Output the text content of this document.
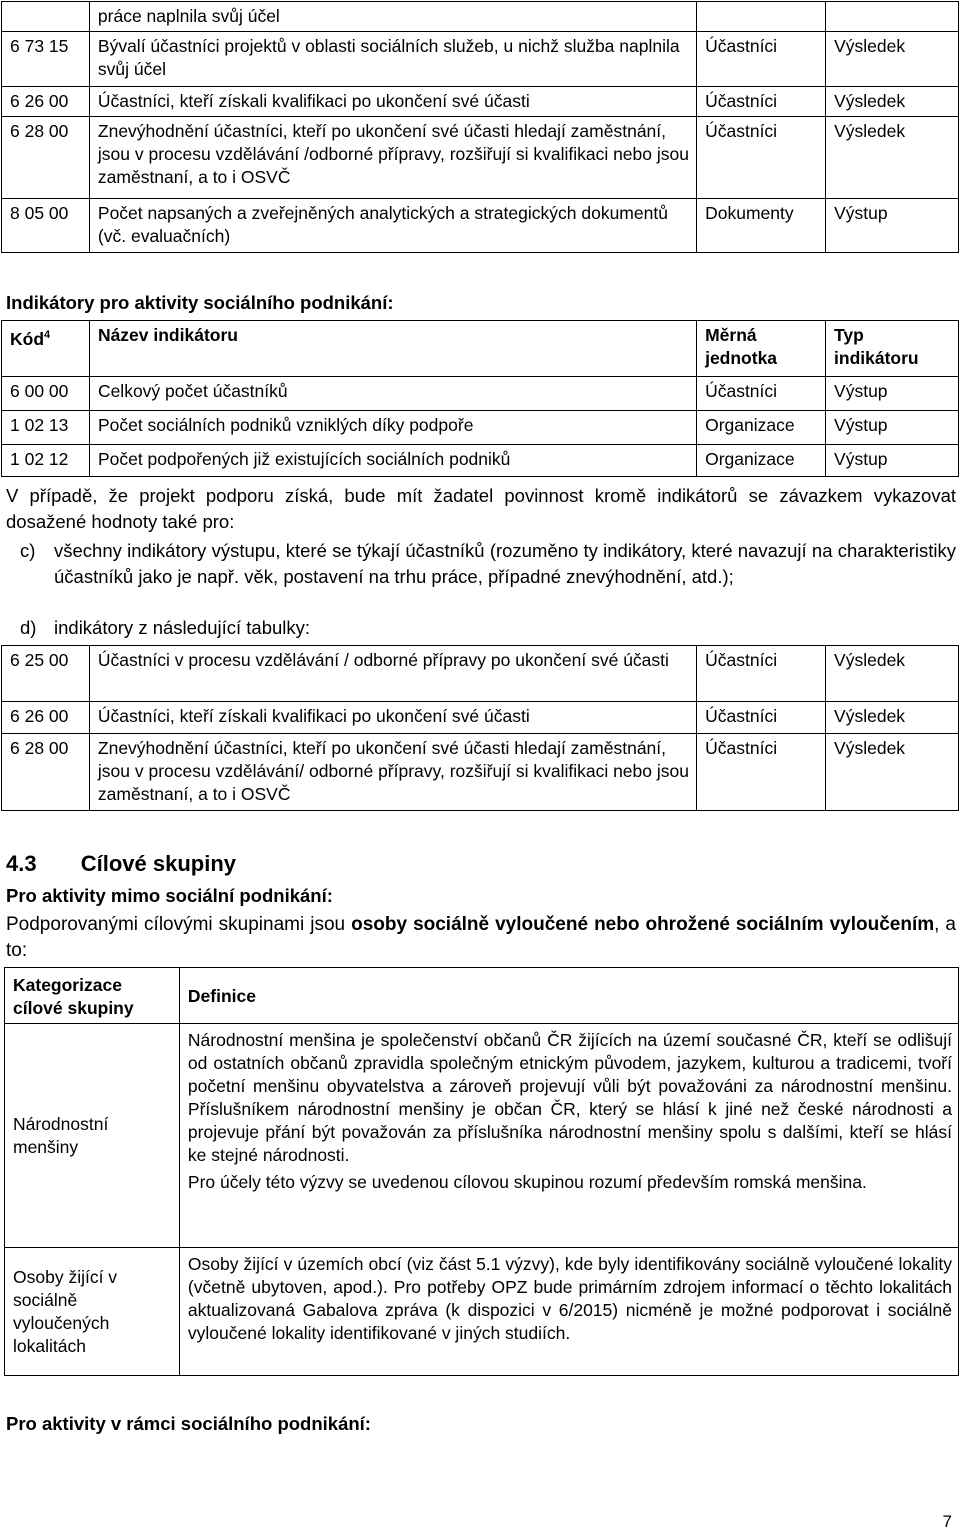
	práce naplnila svůj účel		
6 73 15	Bývalí účastníci projektů v oblasti sociálních služeb, u nichž služba naplnila svůj účel	Účastníci	Výsledek
6 26 00	Účastníci, kteří získali kvalifikaci po ukončení své účasti	Účastníci	Výsledek
6 28 00	Znevýhodnění účastníci, kteří po ukončení své účasti hledají zaměstnání, jsou v procesu vzdělávání /odborné přípravy, rozšiřují si kvalifikaci nebo jsou zaměstnaní, a to i OSVČ	Účastníci	Výsledek
8 05 00	Počet napsaných a zveřejněných analytických a strategických dokumentů (vč. evaluačních)	Dokumenty	Výstup
Indikátory pro aktivity sociálního podnikání:
Kód$^4$	Název indikátoru	Měrná jednotka	Typ indikátoru
6 00 00	Celkový počet účastníků	Účastníci	Výstup
1 02 13	Počet sociálních podniků vzniklých díky podpoře	Organizace	Výstup
1 02 12	Počet podpořených již existujících sociálních podniků	Organizace	Výstup

V případě, že projekt podporu získá, bude mít žadatel povinnost kromě indikátorů se závazkem vykazovat dosažené hodnoty také pro:

c) všechny indikátory výstupu, které se týkají účastníků (rozuměno ty indikátory, které navazují na charakteristiky účastníků jako je např. věk, postavení na trhu práce, případné znevýhodnění, atd.);

d) indikátory z následující tabulky:

6 25 00	Účastníci v procesu vzdělávání / odborné přípravy po ukončení své účasti	Účastníci	Výsledek
6 26 00	Účastníci, kteří získali kvalifikaci po ukončení své účasti	Účastníci	Výsledek
6 28 00	Znevýhodnění účastníci, kteří po ukončení své účasti hledají zaměstnání, jsou v procesu vzdělávání/ odborné přípravy, rozšiřují si kvalifikaci nebo jsou zaměstnaní, a to i OSVČ	Účastníci	Výsledek
4.3 Cílové skupiny
Pro aktivity mimo sociální podnikání:

Podporovanými cílovými skupinami jsou osoby sociálně vyloučené nebo ohrožené sociálním vyloučením, a to:

Kategorizace cílové skupiny	Definice
Národnostní menšiny	Národnostní menšina je společenství občanů ČR žijících na území současné ČR, kteří se odlišují od ostatních občanů zpravidla společným etnickým původem, jazykem, kulturou a tradicemi, tvoří početní menšinu obyvatelstva a zároveň projevují vůli být považováni za národnostní menšinu. Příslušníkem národnostní menšiny je občan ČR, který se hlásí k jiné než české národnosti a projevuje přání být považován za příslušníka národnostní menšiny spolu s dalšími, kteří se hlásí ke stejné národnosti.

Pro účely této výzvy se uvedenou cílovou skupinou rozumí především romská menšina.

Osoby žijící v sociálně vyloučených lokalitách	Osoby žijící v územích obcí (viz část 5.1 výzvy), kde byly identifikovány sociálně vyloučené lokality (včetně ubytoven, apod.). Pro potřeby OPZ bude primárním zdrojem informací o těchto lokalitách aktualizovaná Gabalova zpráva (k dispozici v 6/2015) nicméně je možné podporovat i sociálně vyloučené lokality identifikované v jiných studiích.

Pro aktivity v rámci sociálního podnikání:
7
